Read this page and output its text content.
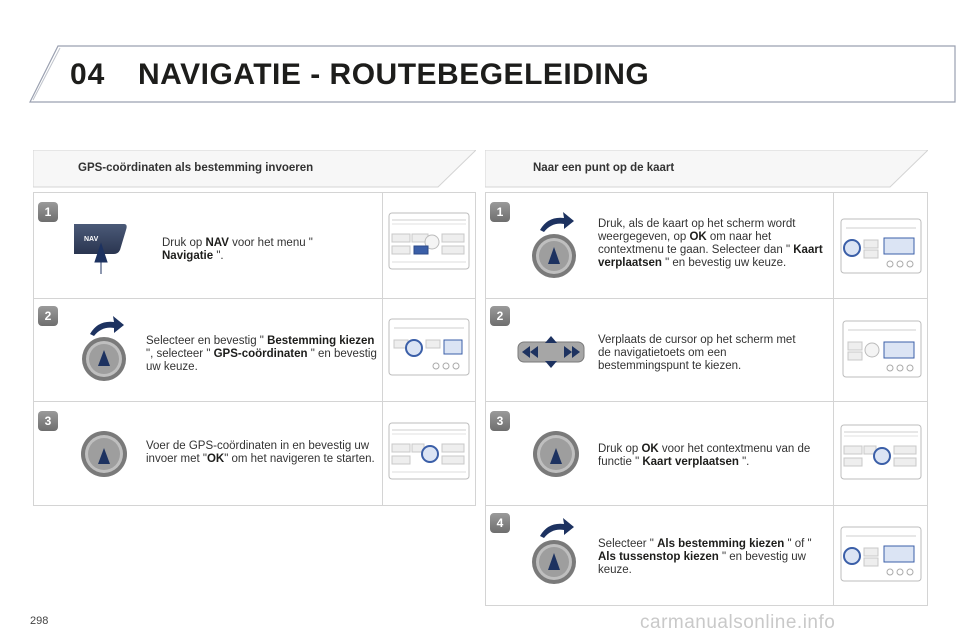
04 NAVIGATIE - ROUTEBEGELEIDING
GPS-coördinaten als bestemming invoeren	Naar een punt op de kaart
1
NAV	Druk op NAV voor het menu " Navigatie ".
2
Selecteer en bevestig " Bestemming kiezen ", selecteer " GPS-coördinaten " en bevestig uw keuze.
3
Voer de GPS-coördinaten in en bevestig uw invoer met "OK" om het navigeren te starten.
1
Druk, als de kaart op het scherm wordt weergegeven, op OK om naar het contextmenu te gaan. Selecteer dan " Kaart verplaatsen " en bevestig uw keuze.
2
Verplaats de cursor op het scherm met de navigatietoets om een bestemmingspunt te kiezen.
3
Druk op OK voor het contextmenu van de functie " Kaart verplaatsen ".
4
Selecteer " Als bestemming kiezen " of " Als tussenstop kiezen " en bevestig uw keuze.
298	carmanualsonline.info
